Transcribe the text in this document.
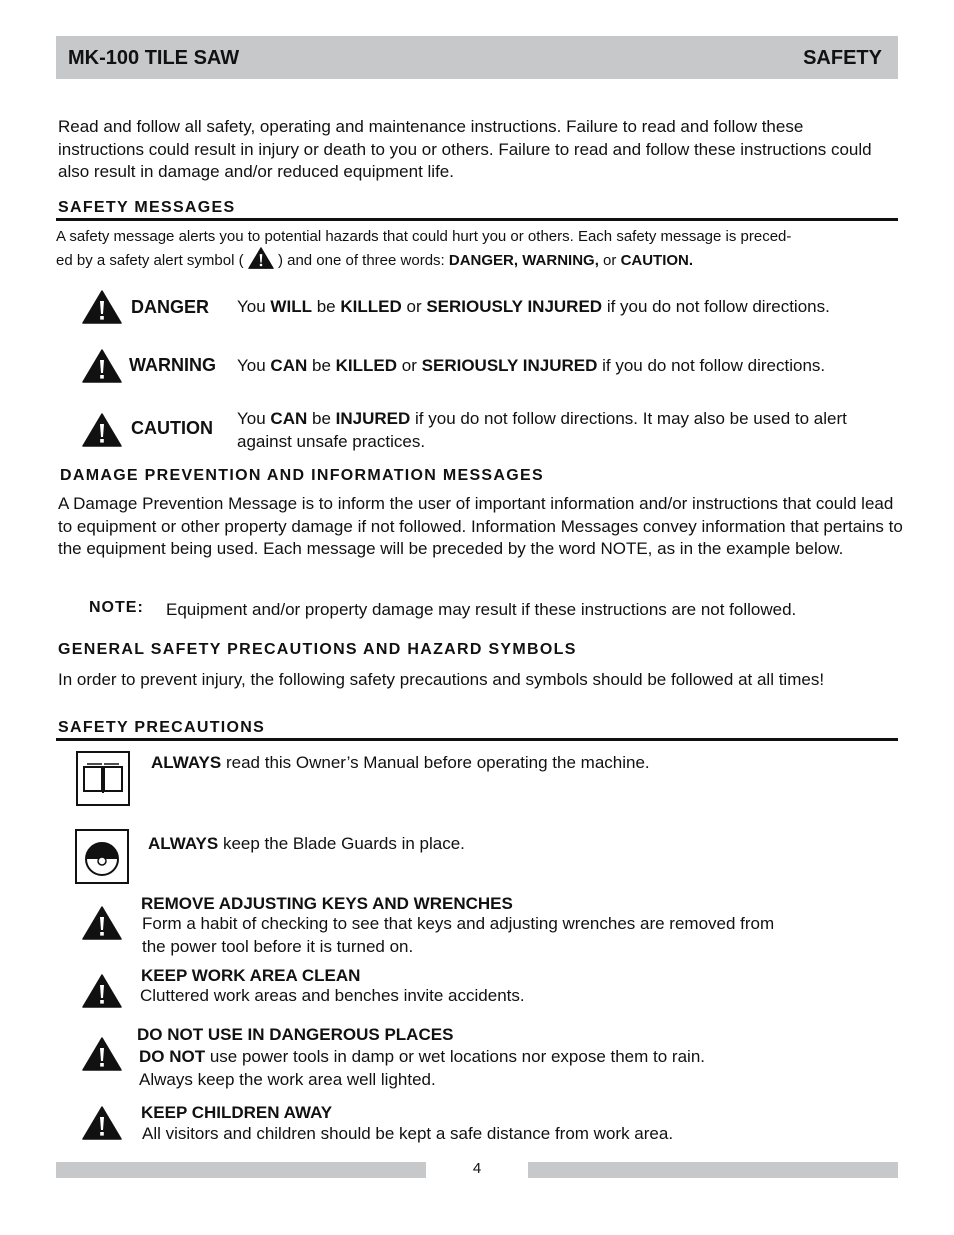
MK-100 TILE SAW	SAFETY
Read and follow all safety, operating and maintenance instructions. Failure to read and follow these instructions could result in injury or death to you or others. Failure to read and follow these instructions could also result in damage and/or reduced equipment life.
SAFETY MESSAGES
A safety message alerts you to potential hazards that could hurt you or others. Each safety message is preced-
ed by a safety alert symbol ( ) and one of three words: DANGER, WARNING, or CAUTION.
DANGER You WILL be KILLED or SERIOUSLY INJURED if you do not follow directions.
WARNING You CAN be KILLED or SERIOUSLY INJURED if you do not follow directions.
CAUTION You CAN be INJURED if you do not follow directions. It may also be used to alert
against unsafe practices.
DAMAGE PREVENTION AND INFORMATION MESSAGES
A Damage Prevention Message is to inform the user of important information and/or instructions that could lead to equipment or other property damage if not followed. Information Messages convey information that pertains to the equipment being used. Each message will be preceded by the word NOTE, as in the example below.
NOTE: Equipment and/or property damage may result if these instructions are not followed.
GENERAL SAFETY PRECAUTIONS AND HAZARD SYMBOLS
In order to prevent injury, the following safety precautions and symbols should be followed at all times!
SAFETY PRECAUTIONS
ALWAYS read this Owner’s Manual before operating the machine.
ALWAYS keep the Blade Guards in place.
REMOVE ADJUSTING KEYS AND WRENCHES
Form a habit of checking to see that keys and adjusting wrenches are removed from
the power tool before it is turned on.
KEEP WORK AREA CLEAN
Cluttered work areas and benches invite accidents.
DO NOT USE IN DANGEROUS PLACES
DO NOT use power tools in damp or wet locations nor expose them to rain.
Always keep the work area well lighted.
KEEP CHILDREN AWAY
All visitors and children should be kept a safe distance from work area.
4
